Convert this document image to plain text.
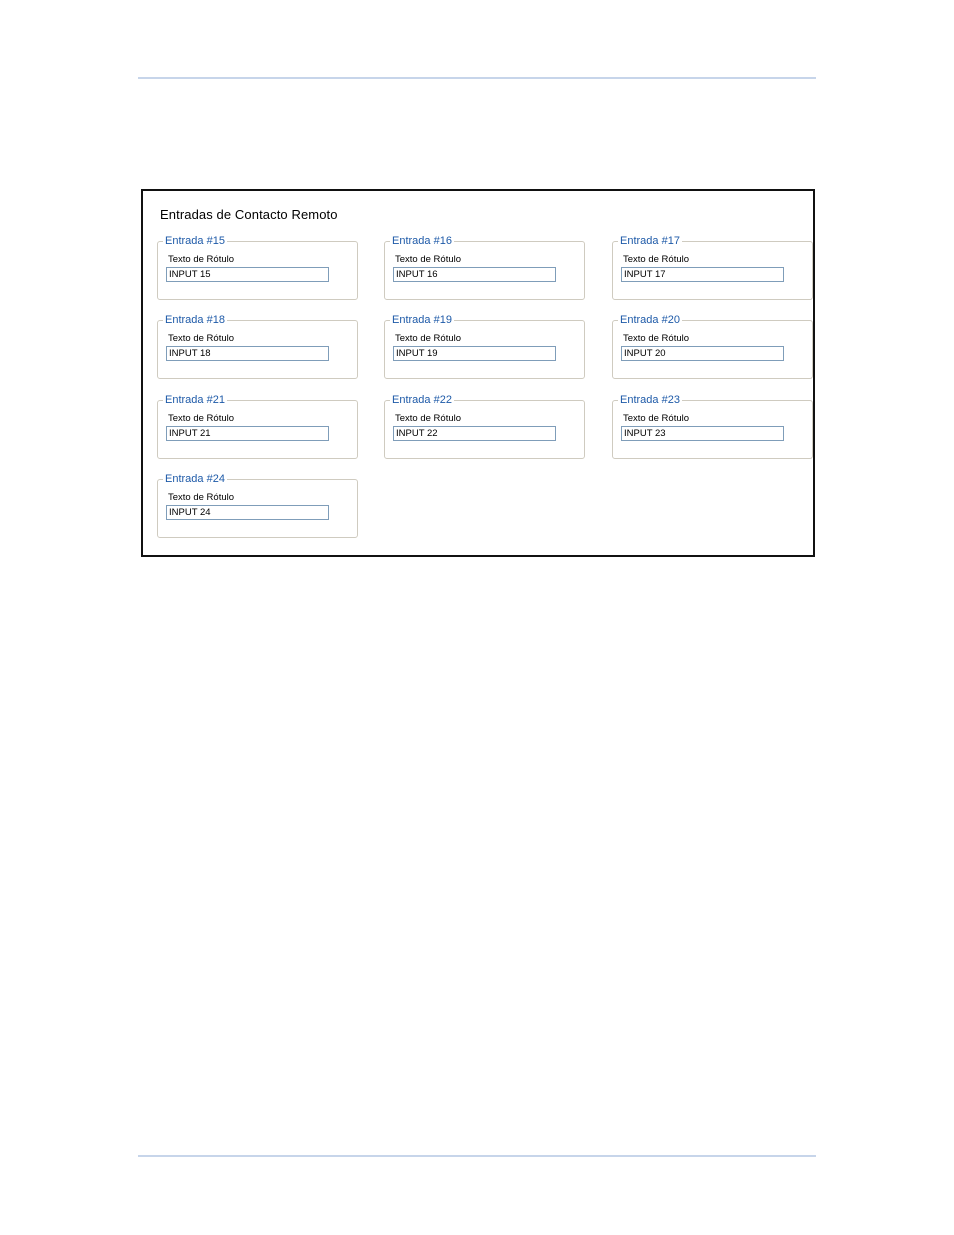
Entradas de Contacto Remoto
Entrada #15
Texto de Rótulo
INPUT 15
Entrada #16
Texto de Rótulo
INPUT 16
Entrada #17
Texto de Rótulo
INPUT 17
Entrada #18
Texto de Rótulo
INPUT 18
Entrada #19
Texto de Rótulo
INPUT 19
Entrada #20
Texto de Rótulo
INPUT 20
Entrada #21
Texto de Rótulo
INPUT 21
Entrada #22
Texto de Rótulo
INPUT 22
Entrada #23
Texto de Rótulo
INPUT 23
Entrada #24
Texto de Rótulo
INPUT 24
